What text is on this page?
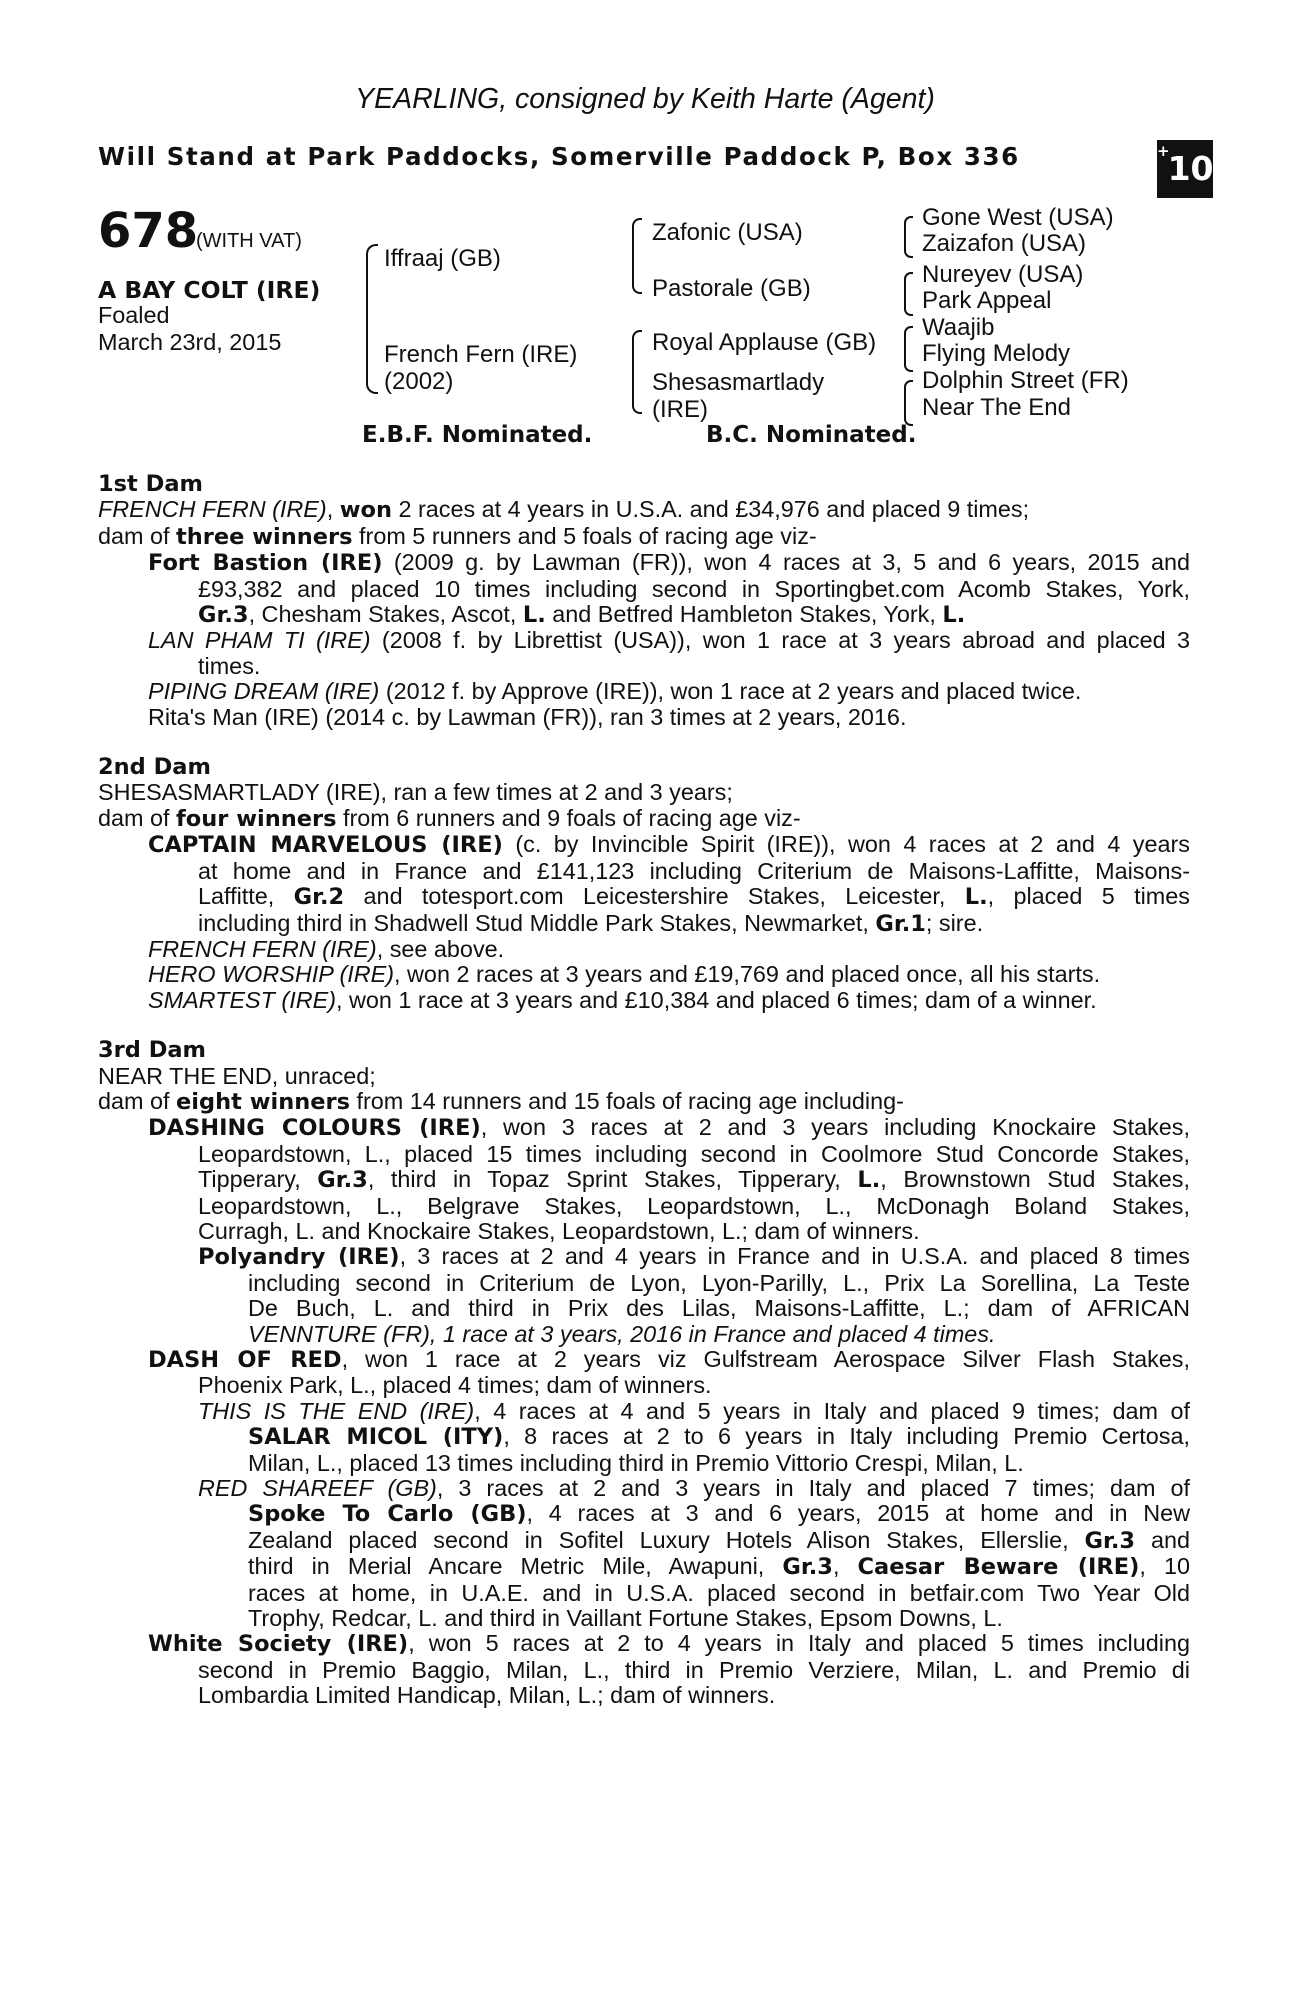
YEARLING, consigned by Keith Harte (Agent)
Will Stand at Park Paddocks, Somerville Paddock P, Box 336	+10
678
(WITH VAT)
A BAY COLT (IRE)
Foaled
March 23rd, 2015
Iffraaj (GB)
French Fern (IRE)
(2002)
Zafonic (USA)
Pastorale (GB)
Royal Applause (GB)
Shesasmartlady
(IRE)
Gone West (USA)
Zaizafon (USA)
Nureyev (USA)
Park Appeal
Waajib
Flying Melody
Dolphin Street (FR)
Near The End
E.B.F. Nominated.	B.C. Nominated.
1st Dam
FRENCH FERN (IRE), won 2 races at 4 years in U.S.A. and £34,976 and placed 9 times;
dam of three winners from 5 runners and 5 foals of racing age viz-
Fort Bastion (IRE) (2009 g. by Lawman (FR)), won 4 races at 3, 5 and 6 years, 2015 and
£93,382 and placed 10 times including second in Sportingbet.com Acomb Stakes, York,
Gr.3, Chesham Stakes, Ascot, L. and Betfred Hambleton Stakes, York, L.
LAN PHAM TI (IRE) (2008 f. by Librettist (USA)), won 1 race at 3 years abroad and placed 3
times.
PIPING DREAM (IRE) (2012 f. by Approve (IRE)), won 1 race at 2 years and placed twice.
Rita's Man (IRE) (2014 c. by Lawman (FR)), ran 3 times at 2 years, 2016.
2nd Dam
SHESASMARTLADY (IRE), ran a few times at 2 and 3 years;
dam of four winners from 6 runners and 9 foals of racing age viz-
CAPTAIN MARVELOUS (IRE) (c. by Invincible Spirit (IRE)), won 4 races at 2 and 4 years
at home and in France and £141,123 including Criterium de Maisons-Laffitte, Maisons-
Laffitte, Gr.2 and totesport.com Leicestershire Stakes, Leicester, L., placed 5 times
including third in Shadwell Stud Middle Park Stakes, Newmarket, Gr.1; sire.
FRENCH FERN (IRE), see above.
HERO WORSHIP (IRE), won 2 races at 3 years and £19,769 and placed once, all his starts.
SMARTEST (IRE), won 1 race at 3 years and £10,384 and placed 6 times; dam of a winner.
3rd Dam
NEAR THE END, unraced;
dam of eight winners from 14 runners and 15 foals of racing age including-
DASHING COLOURS (IRE), won 3 races at 2 and 3 years including Knockaire Stakes,
Leopardstown, L., placed 15 times including second in Coolmore Stud Concorde Stakes,
Tipperary, Gr.3, third in Topaz Sprint Stakes, Tipperary, L., Brownstown Stud Stakes,
Leopardstown, L., Belgrave Stakes, Leopardstown, L., McDonagh Boland Stakes,
Curragh, L. and Knockaire Stakes, Leopardstown, L.; dam of winners.
Polyandry (IRE), 3 races at 2 and 4 years in France and in U.S.A. and placed 8 times
including second in Criterium de Lyon, Lyon-Parilly, L., Prix La Sorellina, La Teste
De Buch, L. and third in Prix des Lilas, Maisons-Laffitte, L.; dam of AFRICAN
VENNTURE (FR), 1 race at 3 years, 2016 in France and placed 4 times.
DASH OF RED, won 1 race at 2 years viz Gulfstream Aerospace Silver Flash Stakes,
Phoenix Park, L., placed 4 times; dam of winners.
THIS IS THE END (IRE), 4 races at 4 and 5 years in Italy and placed 9 times; dam of
SALAR MICOL (ITY), 8 races at 2 to 6 years in Italy including Premio Certosa,
Milan, L., placed 13 times including third in Premio Vittorio Crespi, Milan, L.
RED SHAREEF (GB), 3 races at 2 and 3 years in Italy and placed 7 times; dam of
Spoke To Carlo (GB), 4 races at 3 and 6 years, 2015 at home and in New
Zealand placed second in Sofitel Luxury Hotels Alison Stakes, Ellerslie, Gr.3 and
third in Merial Ancare Metric Mile, Awapuni, Gr.3, Caesar Beware (IRE), 10
races at home, in U.A.E. and in U.S.A. placed second in betfair.com Two Year Old
Trophy, Redcar, L. and third in Vaillant Fortune Stakes, Epsom Downs, L.
White Society (IRE), won 5 races at 2 to 4 years in Italy and placed 5 times including
second in Premio Baggio, Milan, L., third in Premio Verziere, Milan, L. and Premio di
Lombardia Limited Handicap, Milan, L.; dam of winners.
